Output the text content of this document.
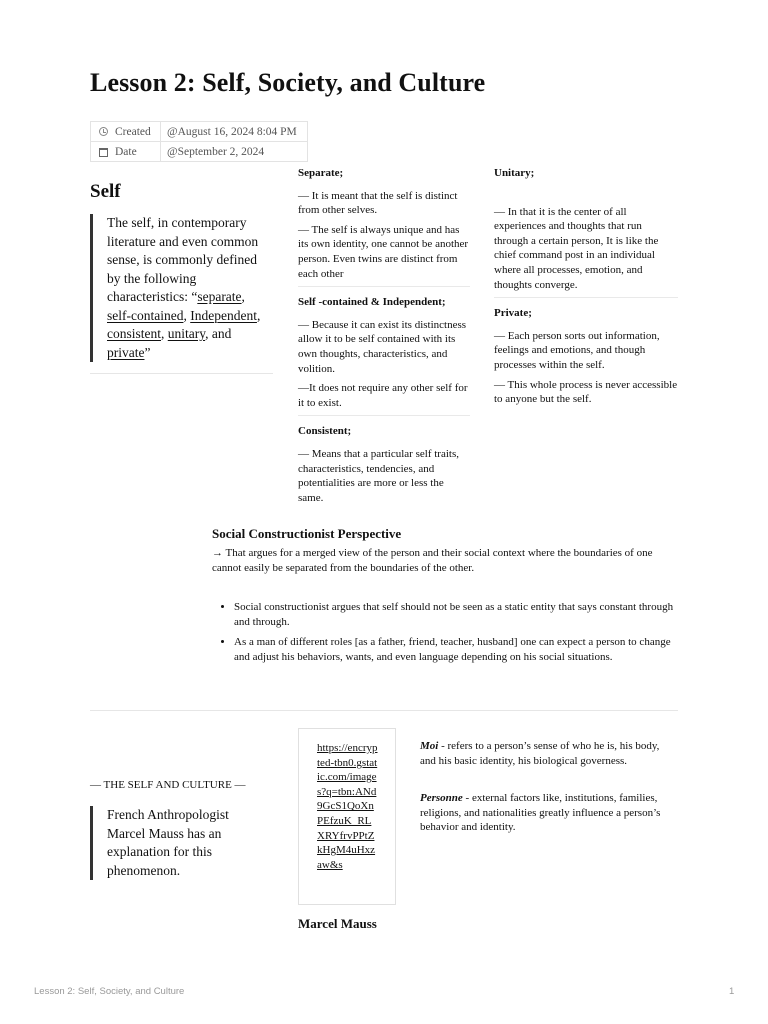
Lesson 2: Self, Society, and Culture
Created	@August 16, 2024 8:04 PM
Date	@September 2, 2024
Self
The self, in contemporary literature and even common sense, is commonly defined by the following characteristics: “separate, self-contained, Independent, consistent, unitary, and private”
Separate;

— It is meant that the self is distinct from other selves.

— The self is always unique and has its own identity, one cannot be another person. Even twins are distinct from each other

Self -contained & Independent;

— Because it can exist its distinctness allow it to be self contained with its own thoughts, characteristics, and volition.

—It does not require any other self for it to exist.

Consistent;

— Means that a particular self traits, characteristics, tendencies, and potentialities are more or less the same.

Unitary;

— In that it is the center of all experiences and thoughts that run through a certain person, It is like the chief command post in an individual where all processes, emotion, and thoughts converge.

Private;

— Each person sorts out information, feelings and emotions, and though processes within the self.

— This whole process is never accessible to anyone but the self.

Social Constructionist Perspective
→ That argues for a merged view of the person and their social context where the boundaries of one cannot easily be separated from the boundaries of the other.
• Social constructionist argues that self should not be seen as a static entity that says constant through and through.
• As a man of different roles [as a father, friend, teacher, husband] one can expect a person to change and adjust his behaviors, wants, and even language depending on his social situations.
— THE SELF AND CULTURE —
French Anthropologist Marcel Mauss has an explanation for this phenomenon.
https://encrypted-tbn0.gstatic.com/images?q=tbn:ANd9GcS1QoXnPEfzuK_RLXRYfrvPPtZkHgM4uHxzaw&s
Marcel Mauss

Moi - refers to a person’s sense of who he is, his body, and his basic identity, his biological governess.

Personne - external factors like, institutions, families, religions, and nationalities greatly influence a person’s behavior and identity.

Lesson 2: Self, Society, and Culture	1
